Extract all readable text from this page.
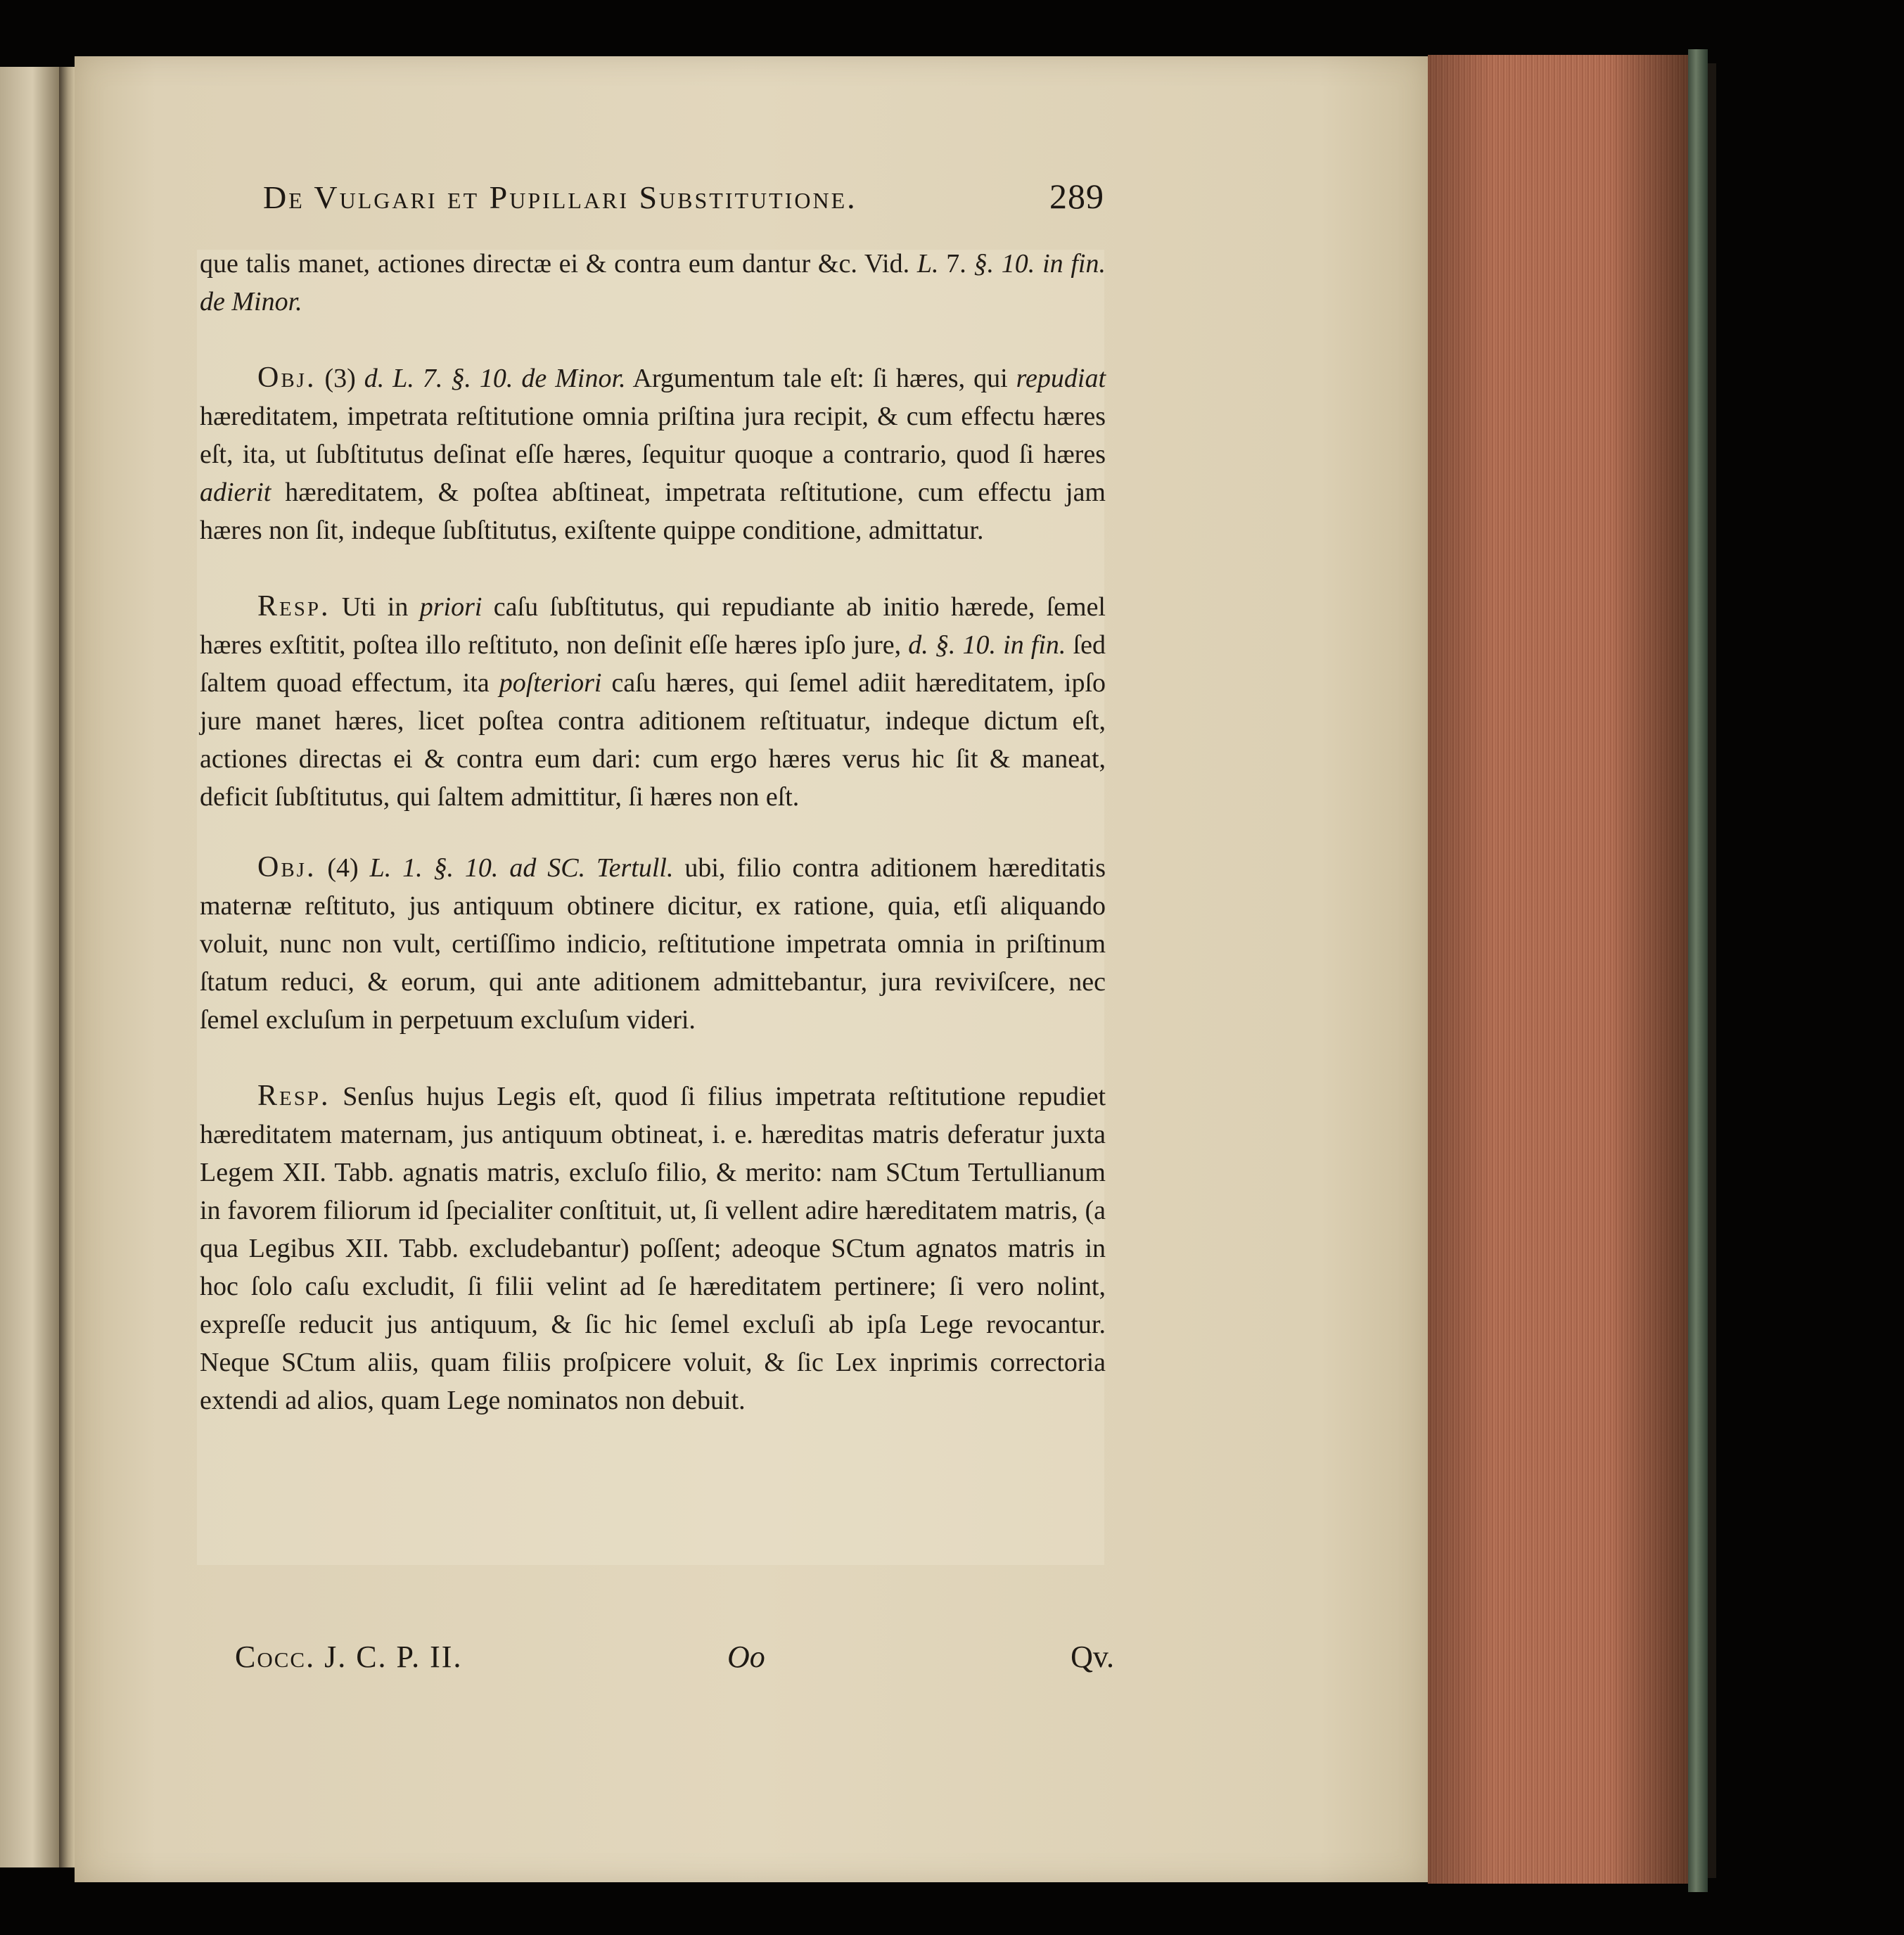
De Vulgari et Pupillari Substitutione.	289

que talis manet, actiones directæ ei & contra eum dantur &c. Vid. L. 7. §. 10. in fin. de Minor.

Obj. (3) d. L. 7. §. 10. de Minor. Argumentum tale eſt: ſi hæres, qui repudiat hæreditatem, impetrata reſtitutione omnia priſtina jura recipit, & cum effectu hæres eſt, ita, ut ſubſtitutus deſinat eſſe hæres, ſequitur quoque a contrario, quod ſi hæres adierit hæreditatem, & poſtea abſtineat, impetrata reſtitutione, cum effectu jam hæres non ſit, indeque ſubſtitutus, exiſtente quippe conditione, admittatur.

Resp. Uti in priori caſu ſubſtitutus, qui repudiante ab initio hærede, ſemel hæres exſtitit, poſtea illo reſtituto, non deſinit eſſe hæres ipſo jure, d. §. 10. in fin. ſed ſaltem quoad effectum, ita poſteriori caſu hæres, qui ſemel adiit hæreditatem, ipſo jure manet hæres, licet poſtea contra aditionem reſtituatur, indeque dictum eſt, actiones directas ei & contra eum dari: cum ergo hæres verus hic ſit & maneat, deficit ſubſtitutus, qui ſaltem admittitur, ſi hæres non eſt.

Obj. (4) L. 1. §. 10. ad SC. Tertull. ubi, filio contra aditionem hæreditatis maternæ reſtituto, jus antiquum obtinere dicitur, ex ratione, quia, etſi aliquando voluit, nunc non vult, certiſſimo indicio, reſtitutione impetrata omnia in priſtinum ſtatum reduci, & eorum, qui ante aditionem admittebantur, jura reviviſcere, nec ſemel excluſum in perpetuum excluſum videri.

Resp. Senſus hujus Legis eſt, quod ſi filius impetrata reſtitutione repudiet hæreditatem maternam, jus antiquum obtineat, i. e. hæreditas matris deferatur juxta Legem XII. Tabb. agnatis matris, excluſo filio, & merito: nam SCtum Tertullianum in favorem filiorum id ſpecialiter conſtituit, ut, ſi vellent adire hæreditatem matris, (a qua Legibus XII. Tabb. excludebantur) poſſent; adeoque SCtum agnatos matris in hoc ſolo caſu excludit, ſi filii velint ad ſe hæreditatem pertinere; ſi vero nolint, expreſſe reducit jus antiquum, & ſic hic ſemel excluſi ab ipſa Lege revocantur. Neque SCtum aliis, quam filiis proſpicere voluit, & ſic Lex inprimis correctoria extendi ad alios, quam Lege nominatos non debuit.

Cocc. J. C. P. II.	Oo	Qv.
